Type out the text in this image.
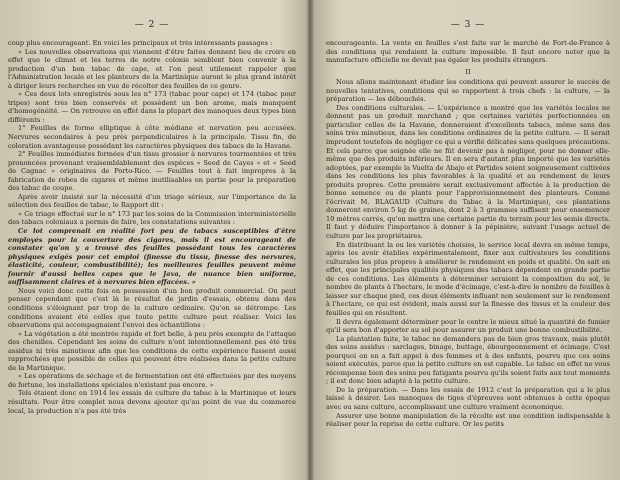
— 2 —

coup plus encourageant. En voici les principaux et très intéressants passages :

« Les nouvelles observations qui viennent d'être faites donnent lieu de croire en effet que le climat et les terres de notre colonie semblent bien convenir à la production d'un bon tabac de cape, et l'on peut utilement rappeler que l'Administration locale et les planteurs de la Martinique auront le plus grand intérêt à diriger leurs recherches en vue de récolter des feuilles de ce genre.

« Ces deux lots enregistrés sous les n° 173 (tabac pour cape) et 174 (tabac pour tripes) sont très bien conservés et possèdent un bon arome, mais manquent d'homogénéité. — On retrouve en effet dans la plupart des manoques deux types bien différents :

1° Feuilles de forme elliptique à côte médiane et nervation peu accusées. Nervures secondaires à peu près perpendiculaires à la principale. Tissu fin, de coloration avantageuse possédant les caractères physiques des tabacs de la Havane.

2° Feuilles immédiates formées d'un tissu grossier à nervures tourmentées et très prononcées provenant vraisemblablement des espèces « Seed de Cayes » et « Seed de Cagnac » originaires de Porto-Rico. — Feuilles tout à fait impropres à la fabrication de robes de cigares et même inutilisables en partie pour la préparation des tabac de coupe.

Après avoir insisté sur la nécessité d'un triage sérieux, sur l'importance de la sélection des feuilles de tabac, le Rapport dit :

« Ce triage effectué sur le n° 173 par les soins de la Commission interministérielle des tabacs coloniaux a permis de faire, les constatations suivantes :

Ce lot comprenait en réalité fort peu de tabacs susceptibles d'être employés pour la couverture des cigares, mais il est encourageant de constater qu'on y a trouvé des feuilles possédant tous les caractères physiques exigés pour cet emploi (finesse du tissu, finesse des nervures, élasticité, couleur, combustibilité); les meilleures feuilles peuvent même fournir d'aussi belles capes que le Java, de nuance bien uniforme, suffisamment claires et à nervures bien effacées. »

Nous voici donc cette fois en possession d'un bon produit commercial. On peut penser cependant que c'est là le résultat de jardin d'essais, obtenu dans des conditions s'éloignant par trop de la culture ordinaire. Qu'on se détrompe. Les conditions avaient été celles que toute petite culture peut réaliser. Voici les observations qui accompagnaient l'envoi des échantillons :

« La végétation a été montrée rapide et fort belle, à peu près exempte de l'attaque des chenilles. Cependant les soins de culture n'ont intentionnellement pas été très assidus ni très minutieux afin que les conditions de cette expérience fussent aussi rapprochées que possible de celles qui peuvent être réalisées dans la petite culture de la Martinique.

« Les opérations de séchage et de fermentation ont été effectuées par des moyens de fortune, les installations spéciales n'existant pas encore. »

Tels étaient donc en 1914 les essais de culture du tabac à la Martinique et leurs résultats. Pour être complet nous devons ajouter qu'au point de vue du commerce local, la production n'a pas été très

— 3 —

encourageante. La vente en feuilles s'est faite sur le marché de Fort-de-France à des conditions qui rendaient la culture impossible. Il faut encore noter que la manufacture officielle ne devait pas égaler les produits étrangers.

II

Nous allons maintenant étudier les conditions qui peuvent assurer le succès de nouvelles tentatives, conditions qui se rapportent à trois chefs : la culture, — la préparation — les débouchés.

Des conditions culturales. — L'expérience a montré que les variétés locales ne donnent pas un produit marchand ; que certaines variétés perfectionnées en particulier celles de la Havane, donneraient d'excellents tabacs, même sans des soins très minutieux, dans les conditions ordinaires de la petite culture. — Il serait imprudent toutefois de négliger ce qui a vérifié délicates sans quelques précautions. Et cela parce que soignée elle ne fût devenir pas à négliger, pour ne donner elle-même que des produits inférieurs. Il en sera d'autant plus importé que les variétés adoptées, par exemple la Vuelta de Abajo et Partidos soient soigneusement cultivées dans les conditions les plus favorables à la qualité et au rendement de leurs produits propres. Cette première serait exclusivement affectée à la production de bonne semence ou de plants pour l'approvisionnement des planteurs. Comme l'écrivait M. BLAGAUD (Culture du Tabac à la Martinique), ces plantations donneront environ 5 kg de graines, dont 2 à 3 grammes suffisent pour ensemencer 10 mètres carrés, qu'on mettra une certaine partie du terrain pour les semis directs. Il faut y déduire l'importance à donner à la pépinière, suivant l'usage actuel de culture par les propriétaires.

En distribuant la ou les variétés choisies, le service local devra en même temps, après les avoir établies expérimentalement, fixer aux cultivateurs les conditions culturales les plus propres à améliorer le rendement en poids et qualité. On sait en effet, que les principales qualités physiques des tabacs dépendent en grande partie de ces conditions. Les éléments à déterminer seraient la composition du sol, le nombre de plants à l'hectare, le mode d'écimage, c'est-à-dire le nombre de feuilles à laisser sur chaque pied, ces deux éléments influant non seulement sur le rendement à l'hectare, ce qui est évident, mais aussi sur la finesse des tissus et la couleur des feuilles qui en résultent.

Il devra également déterminer pour le centre le mieux situé la quantité de fumier qu'il sera bon d'apporter au sol pour assurer un produit une bonne combustibilité.

La plantation faite, le tabac ne demandera pas de bien gros travaux, mais plutôt des soins assidus : sarclages, binage, buttage, ébourgeonnement et écimage. C'est pourquoi on en a fait appel à des femmes et à des enfants, pourvu que ces soins soient exécutés, parce que la petite culture en est capable. Le tabac en effet ne vous récompense bien des soins peu fatigants pourvu qu'ils soient faits aux tout moments ; il est donc bien adapté à la petite culture.

De la préparation. — Dans les essais de 1912 c'est la préparation qui a le plus laissé à désirer. Les manoques de tiges d'épreuves sont obtenues à cette époque avec ou sans culture, accomplissant une culture vraiment économique.

Assurer une bonne manipulation de la récolte est une condition indispensable à réaliser pour la reprise de cette culture. Or les petits
